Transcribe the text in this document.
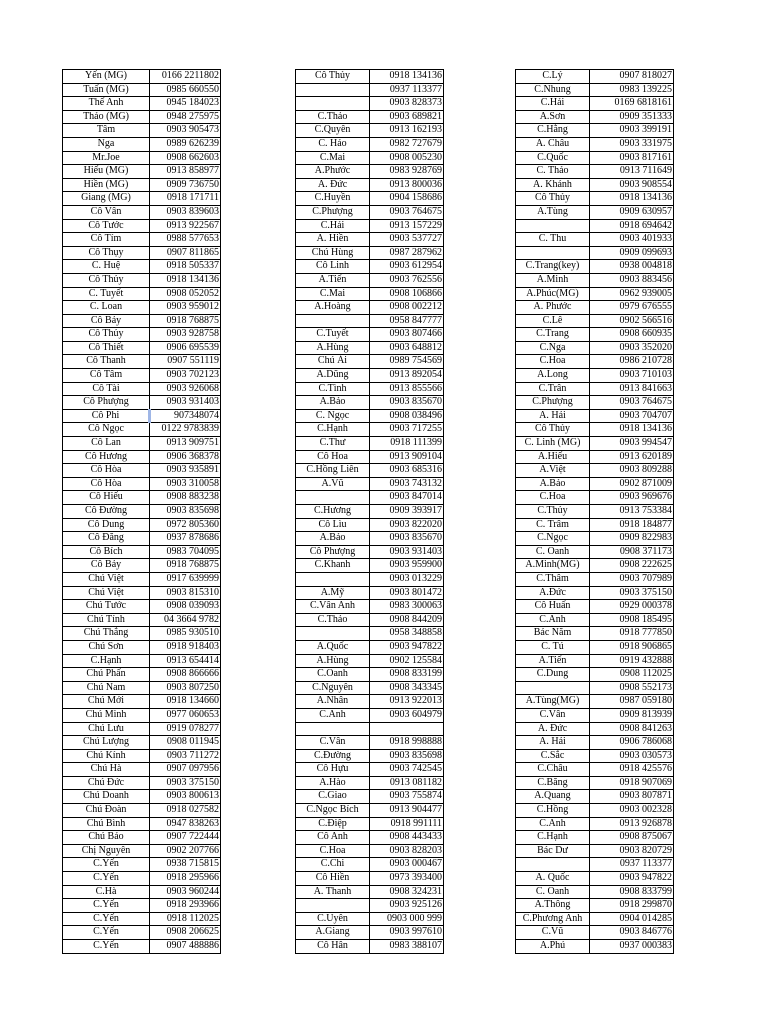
Yến (MG)	0166 2211802
Tuấn (MG)	0985 660550
Thế Anh	0945 184023
Thảo (MG)	0948 275975
Tâm	0903 905473
Nga	0989 626239
Mr.Joe	0908 662603
Hiếu (MG)	0913 858977
Hiền (MG)	0909 736750
Giang (MG)	0918 171711
Cô Vân	0903 839603
Cô Tước	0913 922567
Cô Tím	0988 577653
Cô Thụy	0907 811865
C. Huệ	0918 505337
Cô Thủy	0918 134136
C. Tuyết	0908 052052
C. Loan	0903 959012
Cô Bảy	0918 768875
Cô Thủy	0903 928758
Cô Thiết	0906 695539
Cô Thanh	0907 551119
Cô Tâm	0903 702123
Cô Tài	0903 926068
Cô Phượng	0903 931403
Cô Phi	907348074
Cô Ngọc	0122 9783839
Cô Lan	0913 909751
Cô Hương	0906 368378
Cô Hòa	0903 935891
Cô Hòa	0903 310058
Cô Hiếu	0908 883238
Cô Đường	0903 835698
Cô Dung	0972 805360
Cô Đăng	0937 878686
Cô Bích	0983 704095
Cô Bảy	0918 768875
Chú Việt	0917 639999
Chú Việt	0903 815310
Chú Tước	0908 039093
Chú Tính	04 3664 9782
Chú Thắng	0985 930510
Chú Sơn	0918 918403
C.Hạnh	0913 654414
Chú Phấn	0908 866666
Chú Nam	0903 807250
Chú Mới	0918 134660
Chú Minh	0977 060653
Chú Lưu	0919 078277
Chú Lượng	0908 011945
Chú Kính	0903 711272
Chú Hà	0907 097956
Chú Đức	0903 375150
Chú Doanh	0903 800613
Chú Đoàn	0918 027582
Chú Bình	0947 838263
Chú Bảo	0907 722444
Chị Nguyên	0902 207766
C.Yến	0938 715815
C.Yến	0918 295966
C.Hà	0903 960244
C.Yến	0918 293966
C.Yến	0918 112025
C.Yến	0908 206625
C.Yến	0907 488886
Cô Thủy	0918 134136
	0937 113377
	0903 828373
C.Thảo	0903 689821
C.Quyên	0913 162193
C. Hảo	0982 727679
C.Mai	0908 005230
A.Phước	0983 928769
A. Đức	0913 800036
C.Huyền	0904 158686
C.Phượng	0903 764675
C.Hải	0913 157229
A. Hiền	0903 537727
Chú Hùng	0987 287962
Cô Linh	0903 612954
A.Tiến	0903 762556
C.Mai	0908 106866
A.Hoàng	0908 002212
	0958 847777
C.Tuyết	0903 807466
A.Hùng	0903 648812
Chú Ái	0989 754569
A.Dũng	0913 892054
C.Tình	0913 855566
A.Bảo	0903 835670
C. Ngọc	0908 038496
C.Hạnh	0903 717255
C.Thư	0918 111399
Cô Hoa	0913 909104
C.Hồng Liên	0903 685316
A.Vũ	0903 743132
	0903 847014
C.Hương	0909 393917
Cô Lìu	0903 822020
A.Bảo	0903 835670
Cô Phượng	0903 931403
C.Khanh	0903 959900
	0903 013229
A.Mỹ	0903 801472
C.Vân Anh	0983 300063
C.Thảo	0908 844209
	0958 348858
A.Quốc	0903 947822
A.Hùng	0902 125584
C.Oanh	0908 833199
C.Nguyên	0908 343345
A.Nhân	0913 922013
C.Anh	0903 604979

C.Vân	0918 998888
C.Đường	0903 835698
Cô Hựu	0903 742545
A.Hào	0913 081182
C.Giao	0903 755874
C.Ngọc Bích	0913 904477
C.Điệp	0918 991111
Cô Anh	0908 443433
C.Hoa	0903 828203
C.Chi	0903 000467
Cô Hiền	0973 393400
A. Thanh	0908 324231
	0903 925126
C.Uyên	0903 000 999
A.Giang	0903 997610
Cô Hân	0983 388107
C.Lý	0907 818027
C.Nhung	0983 139225
C.Hải	0169 6818161
A.Sơn	0909 351333
C.Hằng	0903 399191
A. Châu	0903 331975
C.Quốc	0903 817161
C. Thảo	0913 711649
A. Khánh	0903 908554
Cô Thủy	0918 134136
A.Tùng	0909 630957
	0918 694642
C. Thu	0903 401933
	0909 099693
C.Trang(key)	0938 004818
A.Minh	0903 883456
A.Phúc(MG)	0962 939005
A. Phước	0979 676555
C.Lê	0902 566516
C.Trang	0908 660935
C.Nga	0903 352020
C.Hoa	0986 210728
A.Long	0903 710103
C.Trân	0913 841663
C.Phượng	0903 764675
A. Hải	0903 704707
Cô Thủy	0918 134136
C. Linh (MG)	0903 994547
A.Hiếu	0913 620189
A.Việt	0903 809288
A.Bảo	0902 871009
C.Hoa	0903 969676
C.Thủy	0913 753384
C. Trâm	0918 184877
C.Ngọc	0909 822983
C. Oanh	0908 371173
A.Minh(MG)	0908 222625
C.Thâm	0903 707989
A.Đức	0903 375150
Cô Huấn	0929 000378
C.Anh	0908 185495
Bác Năm	0918 777850
C. Tú	0918 906865
A.Tiến	0919 432888
C.Dung	0908 112025
	0908 552173
A.Tùng(MG)	0987 059180
C.Vân	0909 813939
A. Đức	0908 841263
A. Hải	0906 786068
C.Sắc	0903 030573
C.Châu	0918 425576
C.Băng	0918 907069
A.Quang	0903 807871
C.Hồng	0903 002328
C.Anh	0913 926878
C.Hạnh	0908 875067
Bác Dư	0903 820729
	0937 113377
A. Quốc	0903 947822
C. Oanh	0908 833799
A.Thông	0918 299870
C.Phương Anh	0904 014285
C.Vũ	0903 846776
A.Phú	0937 000383
